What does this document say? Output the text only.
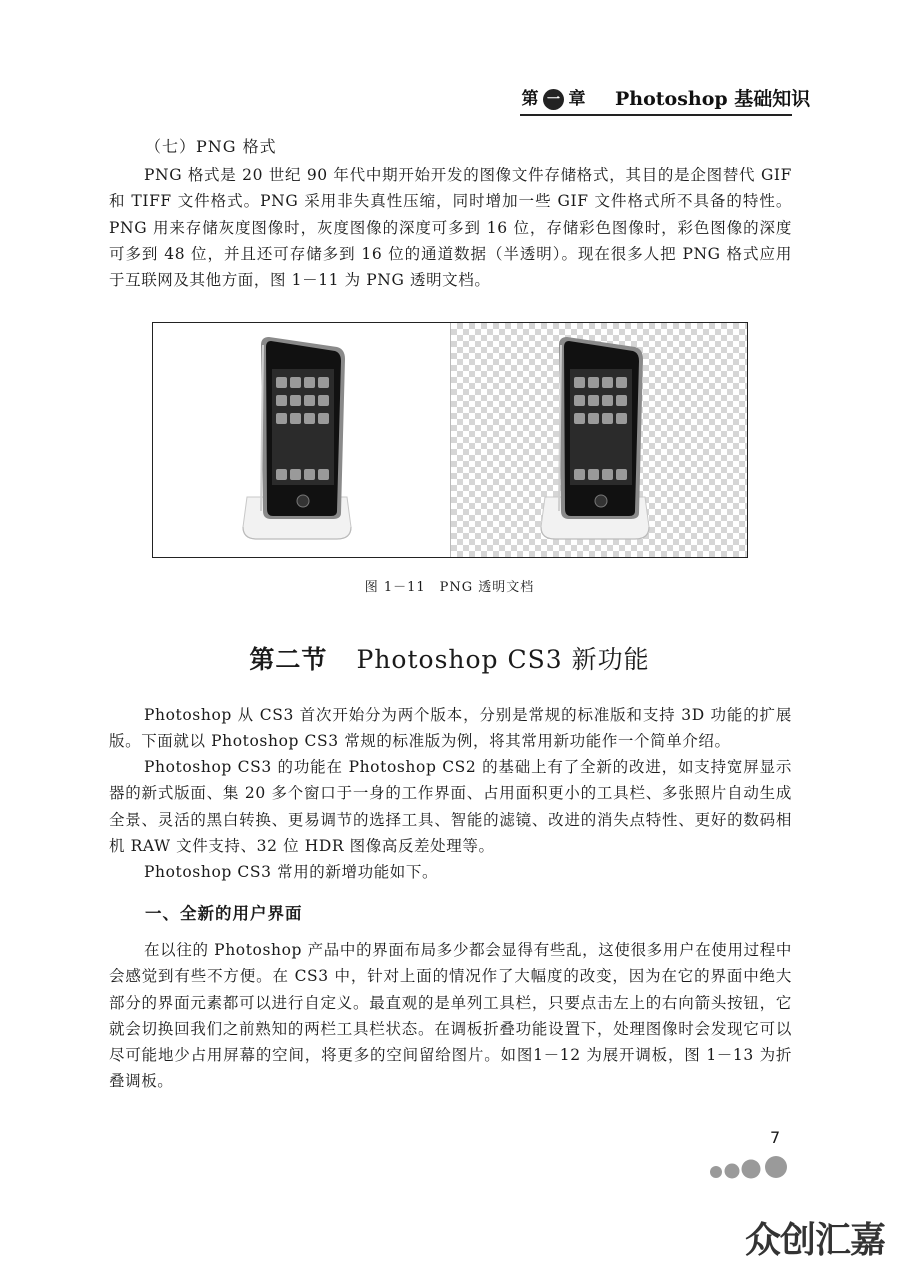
第 一 章 Photoshop 基础知识
（七）PNG 格式

PNG 格式是 20 世纪 90 年代中期开始开发的图像文件存储格式，其目的是企图替代 GIF 和 TIFF 文件格式。PNG 采用非失真性压缩，同时增加一些 GIF 文件格式所不具备的特性。PNG 用来存储灰度图像时，灰度图像的深度可多到 16 位，存储彩色图像时，彩色图像的深度可多到 48 位，并且还可存储多到 16 位的通道数据（半透明）。现在很多人把 PNG 格式应用于互联网及其他方面，图 1－11 为 PNG 透明文档。

图 1－11　PNG 透明文档
第二节 Photoshop CS3 新功能

Photoshop 从 CS3 首次开始分为两个版本，分别是常规的标准版和支持 3D 功能的扩展版。下面就以 Photoshop CS3 常规的标准版为例，将其常用新功能作一个简单介绍。

Photoshop CS3 的功能在 Photoshop CS2 的基础上有了全新的改进，如支持宽屏显示器的新式版面、集 20 多个窗口于一身的工作界面、占用面积更小的工具栏、多张照片自动生成全景、灵活的黑白转换、更易调节的选择工具、智能的滤镜、改进的消失点特性、更好的数码相机 RAW 文件支持、32 位 HDR 图像高反差处理等。

Photoshop CS3 常用的新增功能如下。

一、全新的用户界面

在以往的 Photoshop 产品中的界面布局多少都会显得有些乱，这使很多用户在使用过程中会感觉到有些不方便。在 CS3 中，针对上面的情况作了大幅度的改变，因为在它的界面中绝大部分的界面元素都可以进行自定义。最直观的是单列工具栏，只要点击左上的右向箭头按钮，它就会切换回我们之前熟知的两栏工具栏状态。在调板折叠功能设置下，处理图像时会发现它可以尽可能地少占用屏幕的空间，将更多的空间留给图片。如图1－12 为展开调板，图 1－13 为折叠调板。

7
众创汇嘉
